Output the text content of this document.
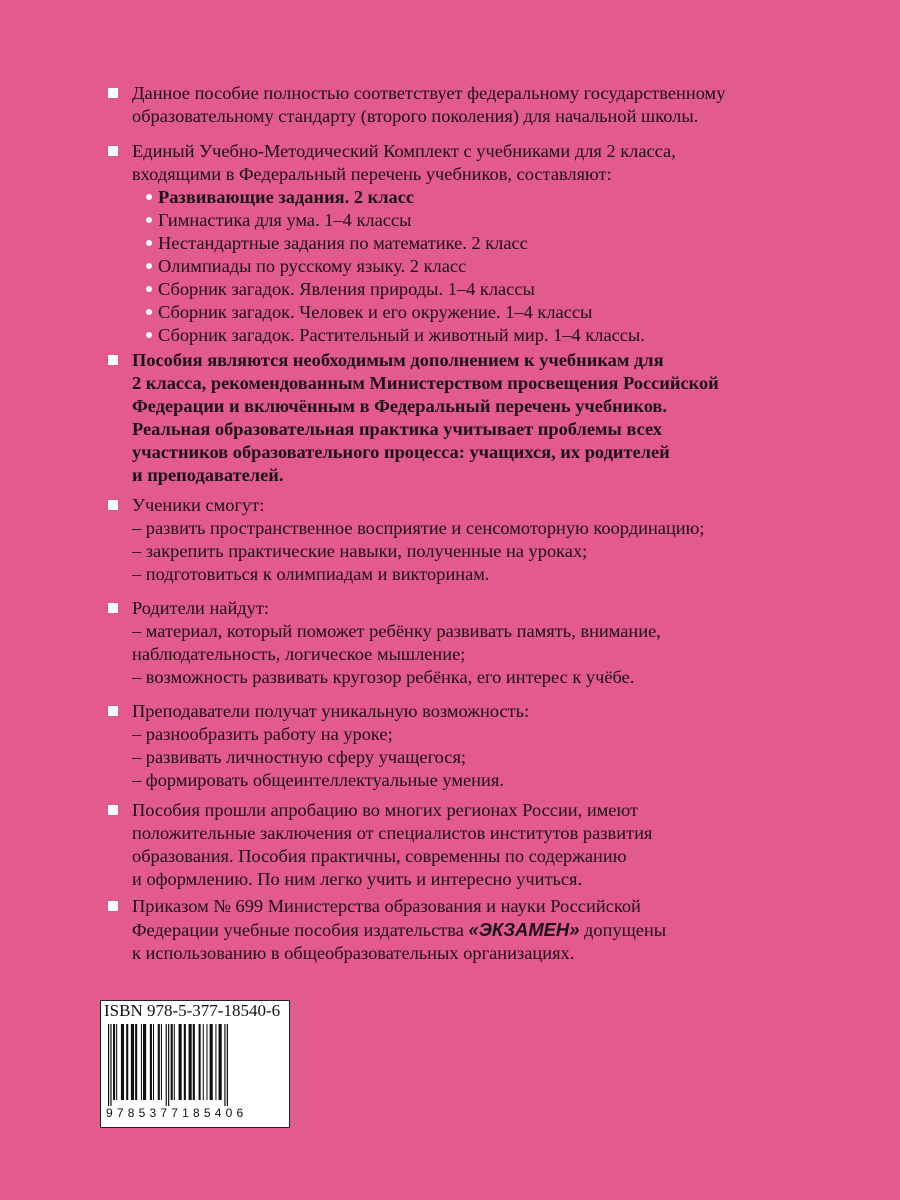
Данное пособие полностью соответствует федеральному государственному
образовательному стандарту (второго поколения) для начальной школы.
Единый Учебно-Методический Комплект с учебниками для 2 класса,
входящими в Федеральный перечень учебников, составляют:
Развивающие задания. 2 класс
Гимнастика для ума. 1–4 классы
Нестандартные задания по математике. 2 класс
Олимпиады по русскому языку. 2 класс
Сборник загадок. Явления природы. 1–4 классы
Сборник загадок. Человек и его окружение. 1–4 классы
Сборник загадок. Растительный и животный мир. 1–4 классы.
Пособия являются необходимым дополнением к учебникам для
2 класса, рекомендованным Министерством просвещения Российской
Федерации и включённым в Федеральный перечень учебников.
Реальная образовательная практика учитывает проблемы всех
участников образовательного процесса: учащихся, их родителей
и преподавателей.
Ученики смогут:
– развить пространственное восприятие и сенсомоторную координацию;
– закрепить практические навыки, полученные на уроках;
– подготовиться к олимпиадам и викторинам.
Родители найдут:
– материал, который поможет ребёнку развивать память, внимание,
наблюдательность, логическое мышление;
– возможность развивать кругозор ребёнка, его интерес к учёбе.
Преподаватели получат уникальную возможность:
– разнообразить работу на уроке;
– развивать личностную сферу учащегося;
– формировать общеинтеллектуальные умения.
Пособия прошли апробацию во многих регионах России, имеют
положительные заключения от специалистов институтов развития
образования. Пособия практичны, современны по содержанию
и оформлению. По ним легко учить и интересно учиться.
Приказом № 699 Министерства образования и науки Российской
Федерации учебные пособия издательства «ЭКЗАМЕН» допущены
к использованию в общеобразовательных организациях.
ISBN 978-5-377-18540-6
9785377185406
